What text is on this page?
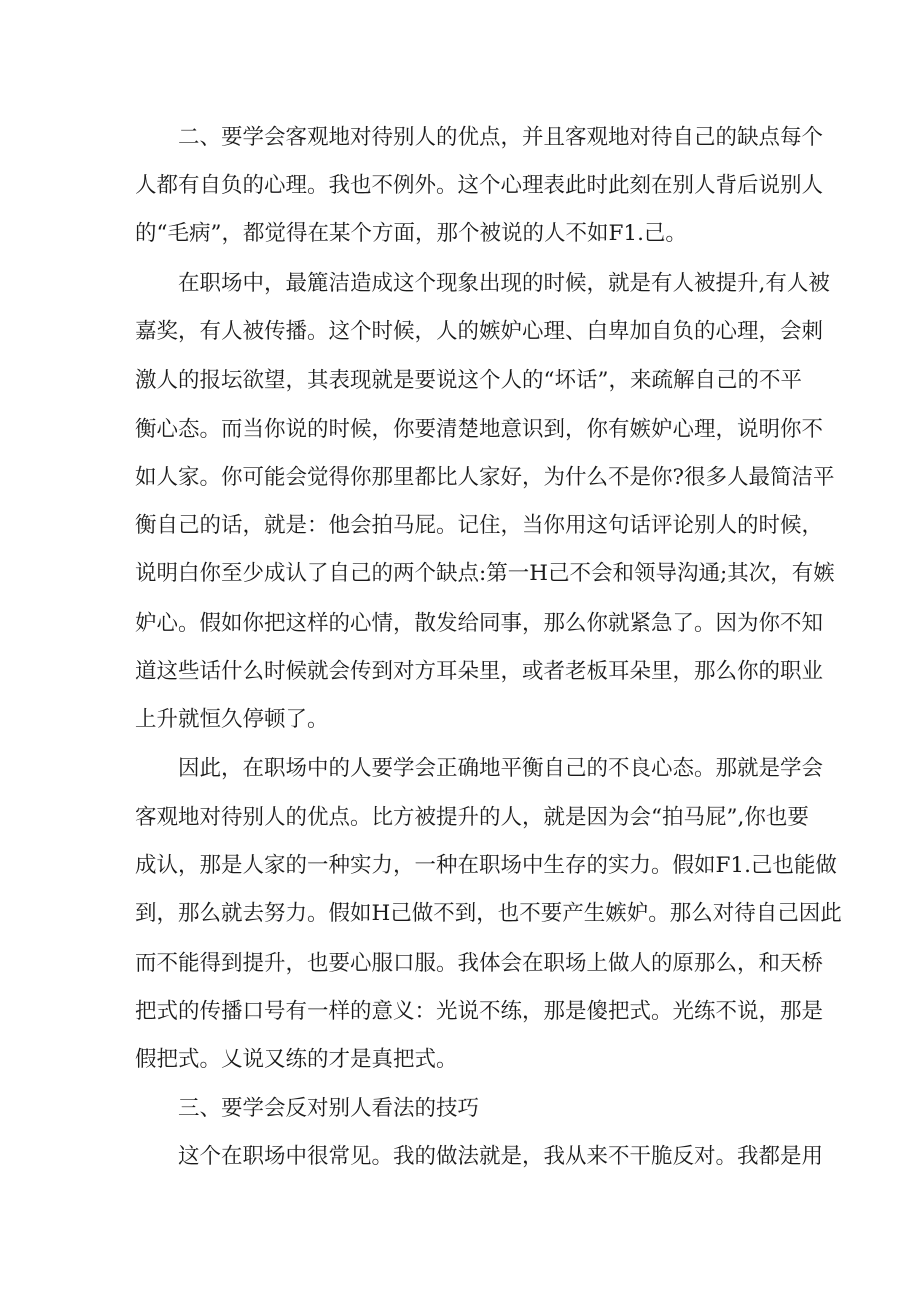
二、要学会客观地对待别人的优点，并且客观地对待自己的缺点每个
人都有自负的心理。我也不例外。这个心理表此时此刻在别人背后说别人
的“毛病”，都觉得在某个方面，那个被说的人不如F1.己。
在职场中，最簏洁造成这个现象出现的时候，就是有人被提升,有人被
嘉奖，有人被传播。这个时候，人的嫉妒心理、白卑加自负的心理，会刺
激人的报坛欲望，其表现就是要说这个人的“坏话”，来疏解自己的不平
衡心态。而当你说的时候，你要清楚地意识到，你有嫉妒心理，说明你不
如人家。你可能会觉得你那里都比人家好，为什么不是你?很多人最简洁平
衡自己的话，就是：他会拍马屁。记住，当你用这句话评论别人的时候，
说明白你至少成认了自己的两个缺点:第一H己不会和领导沟通;其次，有嫉
妒心。假如你把这样的心情，散发给同事，那么你就紧急了。因为你不知
道这些话什么时候就会传到对方耳朵里，或者老板耳朵里，那么你的职业
上升就恒久停顿了。
因此，在职场中的人要学会正确地平衡自己的不良心态。那就是学会
客观地对待别人的优点。比方被提升的人，就是因为会“拍马屁”,你也要
成认，那是人家的一种实力，一种在职场中生存的实力。假如F1.己也能做
到，那么就去努力。假如H己做不到，也不要产生嫉妒。那么对待自己因此
而不能得到提升，也要心服口服。我体会在职场上做人的原那么，和天桥
把式的传播口号有一样的意义：光说不练，那是傻把式。光练不说，那是
假把式。乂说又练的才是真把式。
三、要学会反对别人看法的技巧
这个在职场中很常见。我的做法就是，我从来不干脆反对。我都是用
